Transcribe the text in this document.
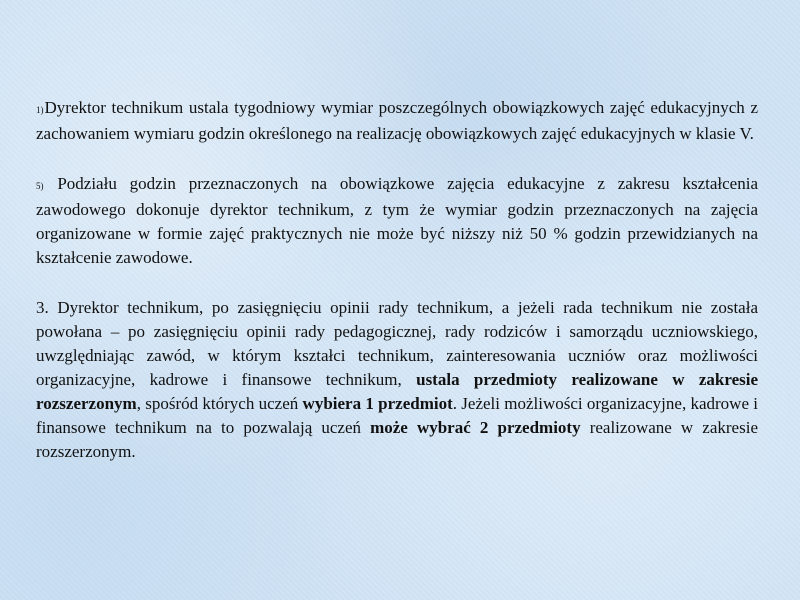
1)Dyrektor technikum ustala tygodniowy wymiar poszczególnych obowiązkowych zajęć edukacyjnych z zachowaniem wymiaru godzin określonego na realizację obowiązkowych zajęć edukacyjnych w klasie V.

5) Podziału godzin przeznaczonych na obowiązkowe zajęcia edukacyjne z zakresu kształcenia zawodowego dokonuje dyrektor technikum, z tym że wymiar godzin przeznaczonych na zajęcia organizowane w formie zajęć praktycznych nie może być niższy niż 50 % godzin przewidzianych na kształcenie zawodowe.

3. Dyrektor technikum, po zasięgnięciu opinii rady technikum, a jeżeli rada technikum nie została powołana – po zasięgnięciu opinii rady pedagogicznej, rady rodziców i samorządu uczniowskiego, uwzględniając zawód, w którym kształci technikum, zainteresowania uczniów oraz możliwości organizacyjne, kadrowe i finansowe technikum, ustala przedmioty realizowane w zakresie rozszerzonym, spośród których uczeń wybiera 1 przedmiot. Jeżeli możliwości organizacyjne, kadrowe i finansowe technikum na to pozwalają uczeń może wybrać 2 przedmioty realizowane w zakresie rozszerzonym.
